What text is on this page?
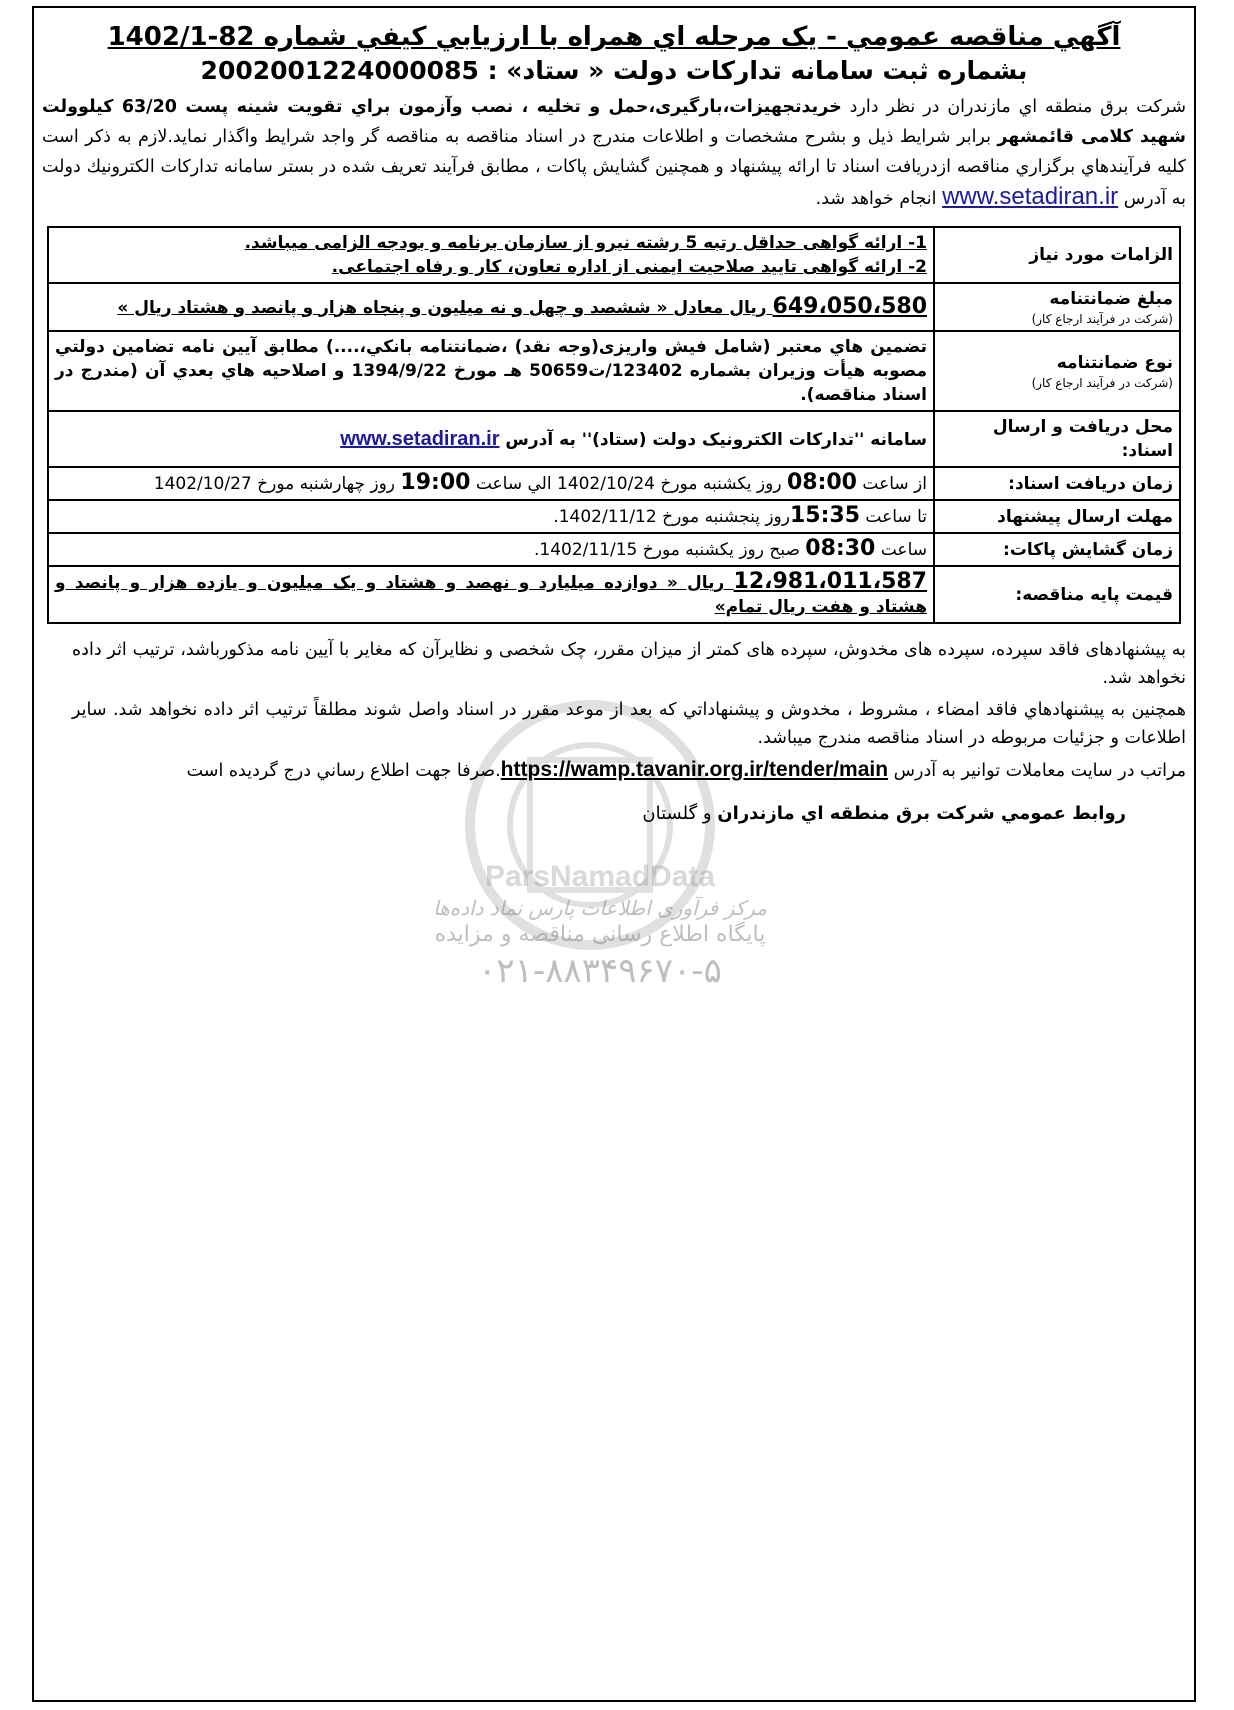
ParsNamadData
مرکز فرآوری اطلاعات پارس نماد داده‌ها
پایگاه اطلاع رسانی مناقصه و مزایده
۰۲۱-۸۸۳۴۹۶۷۰-۵
آگهي مناقصه عمومي - يک مرحله اي همراه با ارزيابي کيفي شماره 82-1402/1
بشماره ثبت سامانه تدارکات دولت « ستاد» : 2002001224000085
شركت برق منطقه اي مازندران در نظر دارد خريدتجهيزات،بارگيری،حمل و تخليه ، نصب وآزمون براي تقويت شينه پست 63/20 كيلوولت شهيد كلامی قائمشهر برابر شرايط ذيل و بشرح مشخصات و اطلاعات مندرج در اسناد مناقصه به مناقصه گر واجد شرايط واگذار نمايد.لازم به ذكر است كليه فرآيندهاي برگزاري مناقصه ازدريافت اسناد تا ارائه پيشنهاد و همچنين گشايش پاكات ، مطابق فرآيند تعريف شده در بستر سامانه تداركات الكترونيك دولت به آدرس www.setadiran.ir انجام خواهد شد.
الزامات مورد نياز	1- ارائه گواهی حداقل رتبه 5 رشته نيرو از سازمان برنامه و بودجه الزامی ميباشد.
2- ارائه گواهی تاييد صلاحيت ايمنی از اداره تعاون، كار و رفاه اجتماعی.

مبلغ ضمانتنامه
(شركت در فرآيند ارجاع كار)	649،050،580 ريال معادل « ششصد و چهل و نه ميليون و پنجاه هزار و پانصد و هشتاد ريال »
نوع ضمانتنامه
(شركت در فرآيند ارجاع كار)	تضمين هاي معتبر (شامل فيش واريزی(وجه نقد) ،ضمانتنامه بانكي،....) مطابق آيين نامه تضامين دولتي مصوبه هيأت وزيران بشماره 123402/ت50659 هـ مورخ 1394/9/22 و اصلاحيه هاي بعدي آن (مندرج در اسناد مناقصه).
محل دريافت و ارسال اسناد:	سامانه ''تدارکات الکترونيک دولت (ستاد)'' به آدرس www.setadiran.ir
زمان دريافت اسناد:	از ساعت 08:00 روز يكشنبه مورخ 1402/10/24 الي ساعت 19:00 روز چهارشنبه مورخ 1402/10/27
مهلت ارسال پيشنهاد	تا ساعت 15:35روز پنجشنبه مورخ 1402/11/12.
زمان گشايش پاكات:	ساعت 08:30 صبح روز يكشنبه مورخ 1402/11/15.
قيمت پايه مناقصه:	12،981،011،587 ريال « دوازده ميليارد و نهصد و هشتاد و يک ميليون و يازده هزار و پانصد و هشتاد و هفت ريال تمام»

به پيشنهادهای فاقد سپرده، سپرده های مخدوش، سپرده های كمتر از ميزان مقرر، چک شخصی و نظايرآن كه مغاير با آيين نامه مذكورباشد، ترتيب اثر داده نخواهد شد.

همچنين به پيشنهادهاي فاقد امضاء ، مشروط ، مخدوش و پيشنهاداتي كه بعد از موعد مقرر در اسناد واصل شوند مطلقاً ترتيب اثر داده نخواهد شد. ساير اطلاعات و جزئيات مربوطه در اسناد مناقصه مندرج ميباشد.

مراتب در سايت معاملات توانير به آدرس https://wamp.tavanir.org.ir/tender/main.صرفا جهت اطلاع رساني درج گرديده است

روابط عمومي شركت برق منطقه اي مازندران و گلستان
